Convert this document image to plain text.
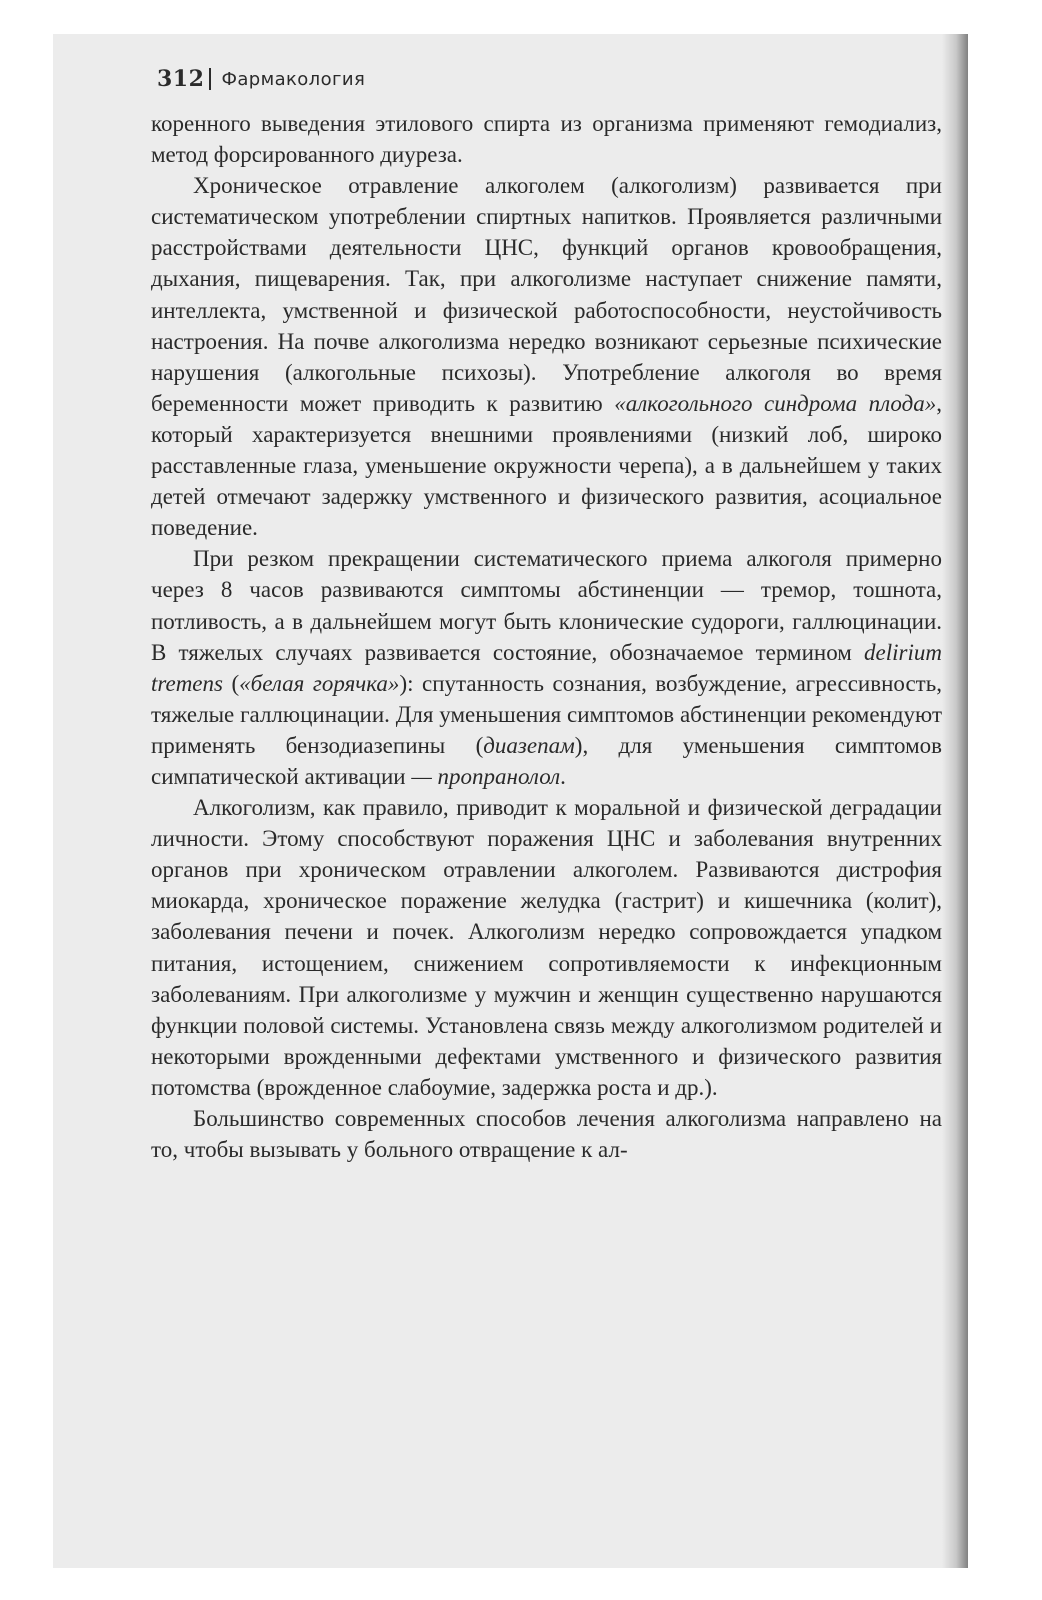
312 Фармакология

коренного выведения этилового спирта из организма применяют гемодиализ, метод форсированного диуреза.

Хроническое отравление алкоголем (алкоголизм) развивается при систематическом употреблении спиртных напитков. Проявляется различными расстройствами деятельности ЦНС, функций органов кровообращения, дыхания, пищеварения. Так, при алкоголизме наступает снижение памяти, интеллекта, умственной и физической работоспособности, неустойчивость настроения. На почве алкоголизма нередко возникают серьезные психические нарушения (алкогольные психозы). Употребление алкоголя во время беременности может приводить к развитию «алкогольного синдрома плода», который характеризуется внешними проявлениями (низкий лоб, широко расставленные глаза, уменьшение окружности черепа), а в дальнейшем у таких детей отмечают задержку умственного и физического развития, асоциальное поведение.

При резком прекращении систематического приема алкоголя примерно через 8 часов развиваются симптомы абстиненции — тремор, тошнота, потливость, а в дальнейшем могут быть клонические судороги, галлюцинации. В тяжелых случаях развивается состояние, обозначаемое термином delirium tremens («белая горячка»): спутанность сознания, возбуждение, агрессивность, тяжелые галлюцинации. Для уменьшения симптомов абстиненции рекомендуют применять бензодиазепины (диазепам), для уменьшения симптомов симпатической активации — пропранолол.

Алкоголизм, как правило, приводит к моральной и физической деградации личности. Этому способствуют поражения ЦНС и заболевания внутренних органов при хроническом отравлении алкоголем. Развиваются дистрофия миокарда, хроническое поражение желудка (гастрит) и кишечника (колит), заболевания печени и почек. Алкоголизм нередко сопровождается упадком питания, истощением, снижением сопротивляемости к инфекционным заболеваниям. При алкоголизме у мужчин и женщин существенно нарушаются функции половой системы. Установлена связь между алкоголизмом родителей и некоторыми врожденными дефектами умственного и физического развития потомства (врожденное слабоумие, задержка роста и др.).

Большинство современных способов лечения алкоголизма направлено на то, чтобы вызывать у больного отвращение к ал-
